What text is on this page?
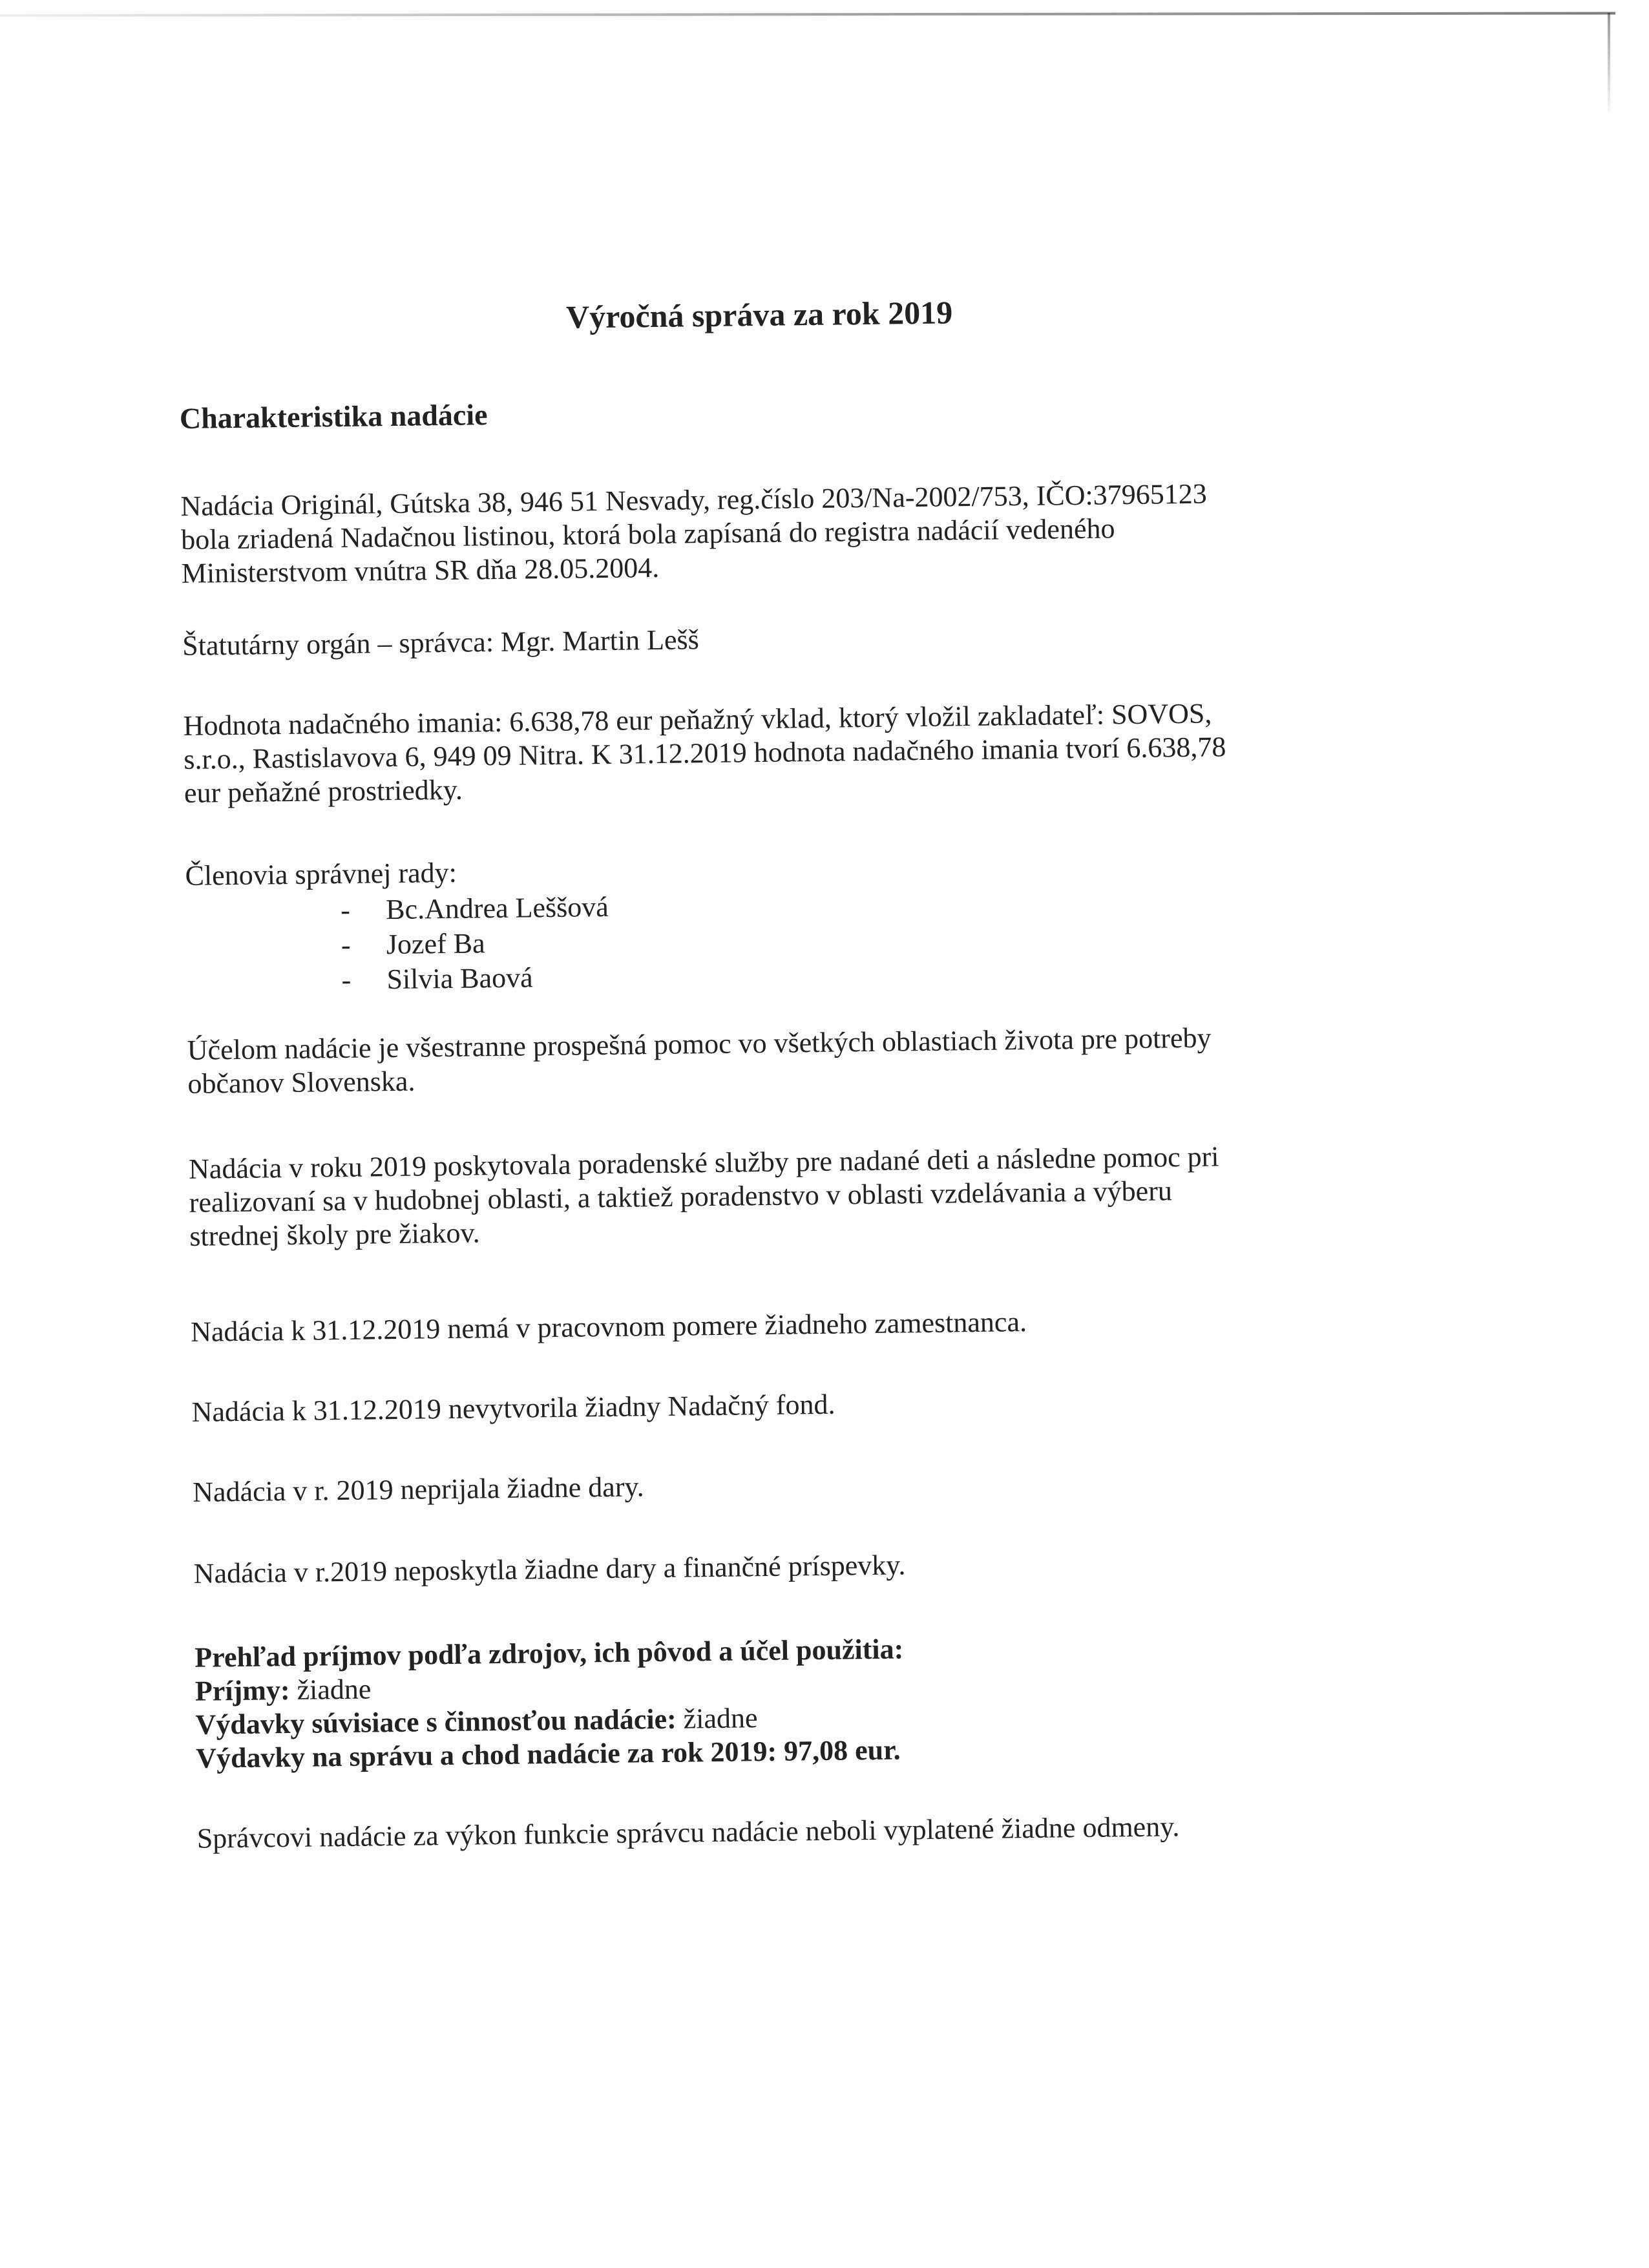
Výročná správa za rok 2019
Charakteristika nadácie
Nadácia Originál, Gútska 38, 946 51 Nesvady, reg.číslo 203/Na-2002/753, IČO:37965123
bola zriadená Nadačnou listinou, ktorá bola zapísaná do registra nadácií vedeného
Ministerstvom vnútra SR dňa 28.05.2004.
Štatutárny orgán – správca: Mgr. Martin Lešš
Hodnota nadačného imania: 6.638,78 eur peňažný vklad, ktorý vložil zakladateľ: SOVOS,
s.r.o., Rastislavova 6, 949 09 Nitra. K 31.12.2019 hodnota nadačného imania tvorí 6.638,78
eur peňažné prostriedky.
Členovia správnej rady:
- Bc.Andrea Leššová
- Jozef Ba
- Silvia Baová
Účelom nadácie je všestranne prospešná pomoc vo všetkých oblastiach života pre potreby
občanov Slovenska.
Nadácia v roku 2019 poskytovala poradenské služby pre nadané deti a následne pomoc pri
realizovaní sa v hudobnej oblasti, a taktiež poradenstvo v oblasti vzdelávania a výberu
strednej školy pre žiakov.
Nadácia k 31.12.2019 nemá v pracovnom pomere žiadneho zamestnanca.
Nadácia k 31.12.2019 nevytvorila žiadny Nadačný fond.
Nadácia v r. 2019 neprijala žiadne dary.
Nadácia v r.2019 neposkytla žiadne dary a finančné príspevky.
Prehľad príjmov podľa zdrojov, ich pôvod a účel použitia:
Príjmy: žiadne
Výdavky súvisiace s činnosťou nadácie: žiadne
Výdavky na správu a chod nadácie za rok 2019: 97,08 eur.
Správcovi nadácie za výkon funkcie správcu nadácie neboli vyplatené žiadne odmeny.
